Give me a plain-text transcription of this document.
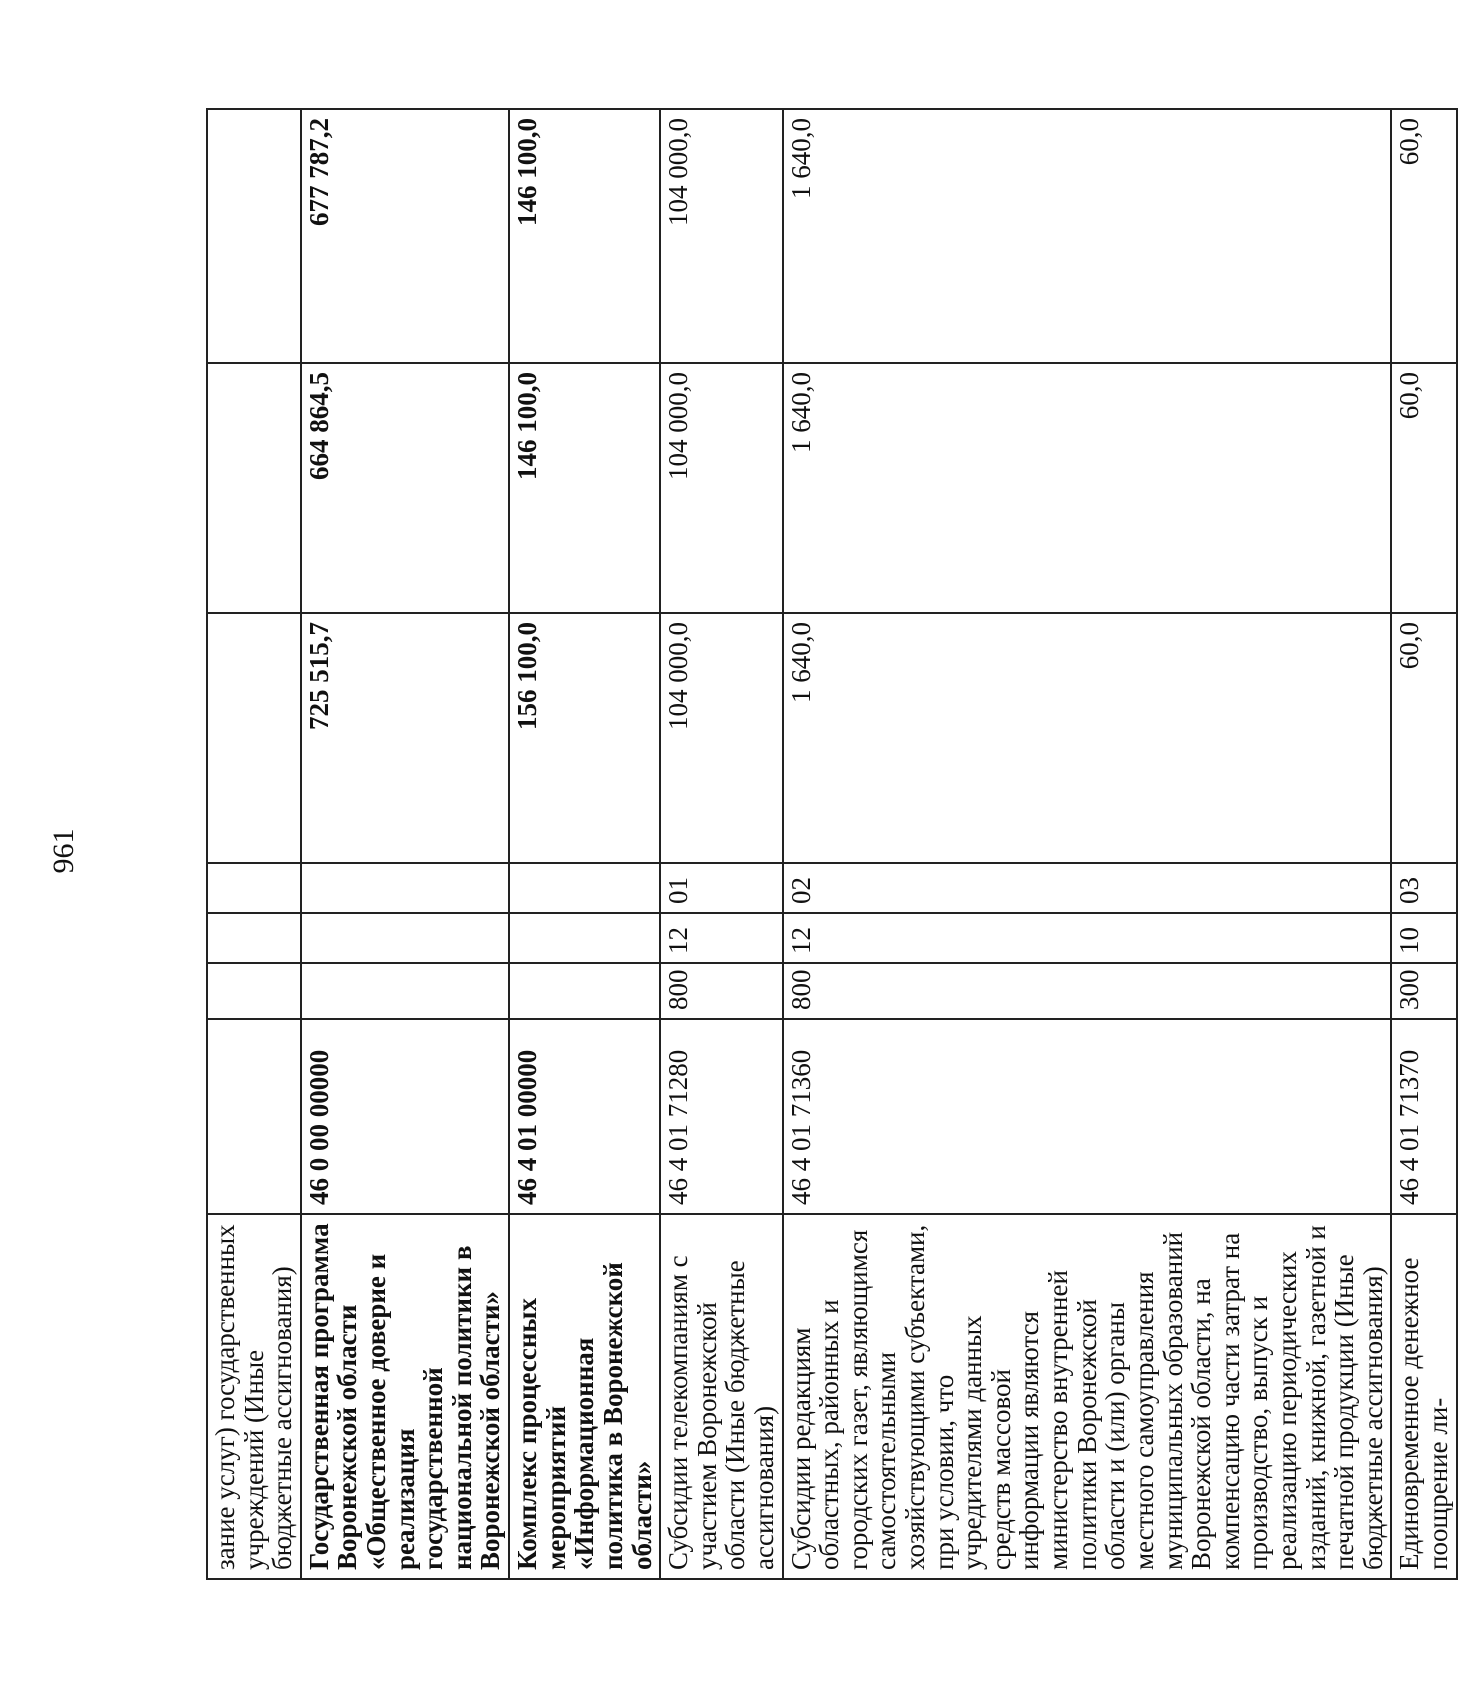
961
зание услуг) государственных учреждений (Иные бюджетные ассигнования)							
Государственная программа Воронежской области «Общественное доверие и реализация государственной национальной политики в Воронежской области»	46 0 00 00000				725 515,7	664 864,5	677 787,2
Комплекс процессных мероприятий «Информационная политика в Воронежской области»	46 4 01 00000				156 100,0	146 100,0	146 100,0
Субсидии телекомпаниям с участием Воронежской области (Иные бюджетные ассигнования)	46 4 01 71280	800	12	01	104 000,0	104 000,0	104 000,0
Субсидии редакциям областных, районных и городских газет, являющимся самостоятельными хозяйствующими субъектами, при условии, что учредителями данных средств массовой информации являются министерство внутренней политики Воронежской области и (или) органы местного самоуправления муниципальных образований Воронежской области, на компенсацию части затрат на производство, выпуск и реализацию периодических изданий, книжной, газетной и печатной продукции (Иные бюджетные ассигнования)	46 4 01 71360	800	12	02	1 640,0	1 640,0	1 640,0
Единовременное денежное поощрение ли-	46 4 01 71370	300	10	03	60,0	60,0	60,0
